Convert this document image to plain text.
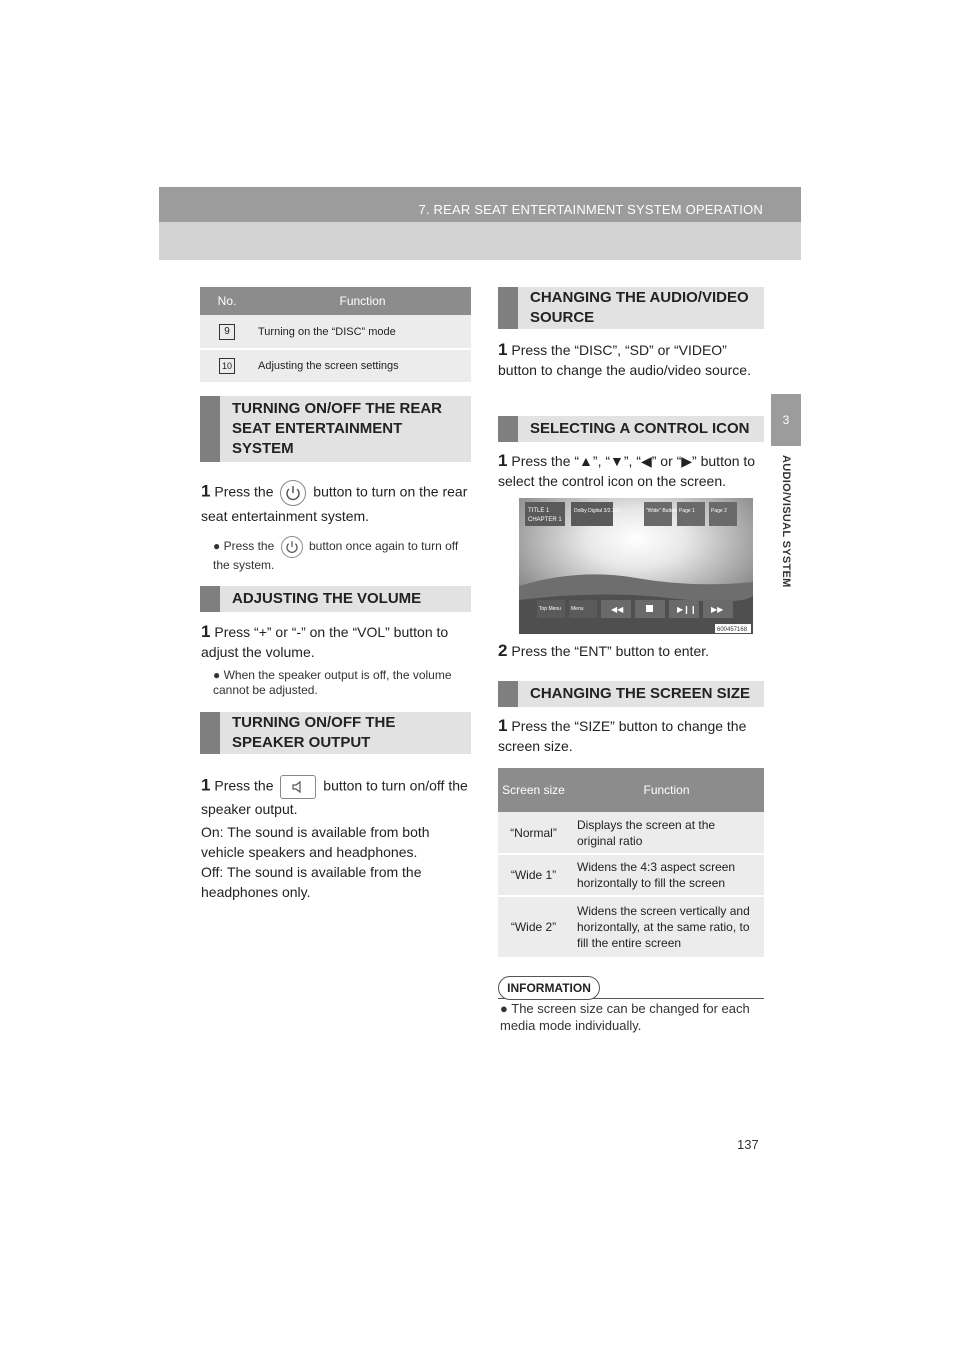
7. REAR SEAT ENTERTAINMENT SYSTEM OPERATION
3
AUDIO/VISUAL SYSTEM
No.	Function
9	Turning on the “DISC” mode
10	Adjusting the screen settings
TURNING ON/OFF THE REAR SEAT ENTERTAINMENT SYSTEM
1 Press the	button to turn on the rear seat entertainment system.
● Press the	button once again to turn off the system.
ADJUSTING THE VOLUME
1 Press “+” or “-” on the “VOL” button to adjust the volume.
● When the speaker output is off, the volume cannot be adjusted.
TURNING ON/OFF THE SPEAKER OUTPUT
1 Press the	button to turn on/off the speaker output.
On: The sound is available from both vehicle speakers and headphones.
Off: The sound is available from the headphones only.
CHANGING THE AUDIO/VIDEO SOURCE
1 Press the “DISC”, “SD” or “VIDEO” button to change the audio/video source.
SELECTING A CONTROL ICON
1 Press the “▲”, “▼”, “◀” or “▶” button to select the control icon on the screen.
TITLE 1
CHAPTER 1
Dolby Digital 3/2.1ch	"Wide" Button Page 1	Page 2
Top Menu Menu	◀◀	▶❙❙ ▶▶
600457168
2 Press the “ENT” button to enter.
CHANGING THE SCREEN SIZE
1 Press the “SIZE” button to change the screen size.
Screen size	Function
“Normal”	Displays the screen at the original ratio
“Wide 1”	Widens the 4:3 aspect screen horizontally to fill the screen
“Wide 2”	Widens the screen vertically and horizontally, at the same ratio, to fill the entire screen
INFORMATION
● The screen size can be changed for each media mode individually.
137
